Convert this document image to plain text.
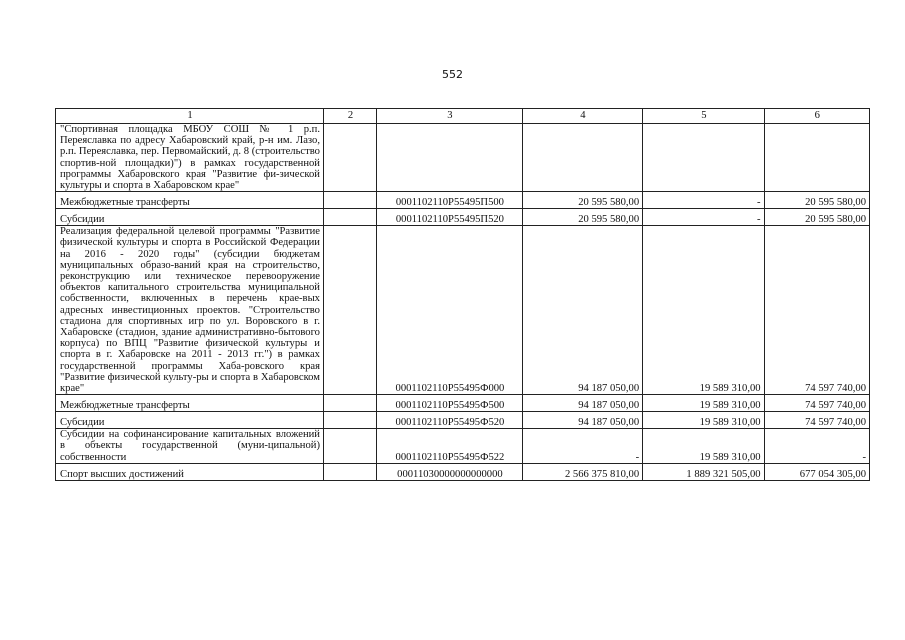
552
1	2	3	4	5	6
"Спортивная площадка МБОУ СОШ № 1 р.п. Переяславка по адресу Хабаровский край, р-н им. Лазо, р.п. Переяславка, пер. Первомайский, д. 8 (строительство спортив-ной площадки)") в рамках государственной программы Хабаровского края "Развитие фи-зической культуры и спорта в Хабаровском крае"					
Межбюджетные трансферты		0001102110P55495П500	20 595 580,00	-	20 595 580,00
Субсидии		0001102110P55495П520	20 595 580,00	-	20 595 580,00
Реализация федеральной целевой программы "Развитие физической культуры и спорта в Российской Федерации на 2016 - 2020 годы" (субсидии бюджетам муниципальных образо-ваний края на строительство, реконструкцию или техническое перевооружение объектов капитального строительства муниципальной собственности, включенных в перечень крае-вых адресных инвестиционных проектов. "Строительство стадиона для спортивных игр по ул. Воровского в г. Хабаровске (стадион, здание административно-бытового корпуса) по ВПЦ "Развитие физической культуры и спорта в г. Хабаровске на 2011 - 2013 гг.") в рамках государственной программы Хаба-ровского края "Развитие физической культу-ры и спорта в Хабаровском крае"		0001102110P55495Ф000	94 187 050,00	19 589 310,00	74 597 740,00
Межбюджетные трансферты		0001102110P55495Ф500	94 187 050,00	19 589 310,00	74 597 740,00
Субсидии		0001102110P55495Ф520	94 187 050,00	19 589 310,00	74 597 740,00
Субсидии на софинансирование капитальных вложений в объекты государственной (муни-ципальной) собственности		0001102110P55495Ф522	-	19 589 310,00	-
Спорт высших достижений		00011030000000000000	2 566 375 810,00	1 889 321 505,00	677 054 305,00
